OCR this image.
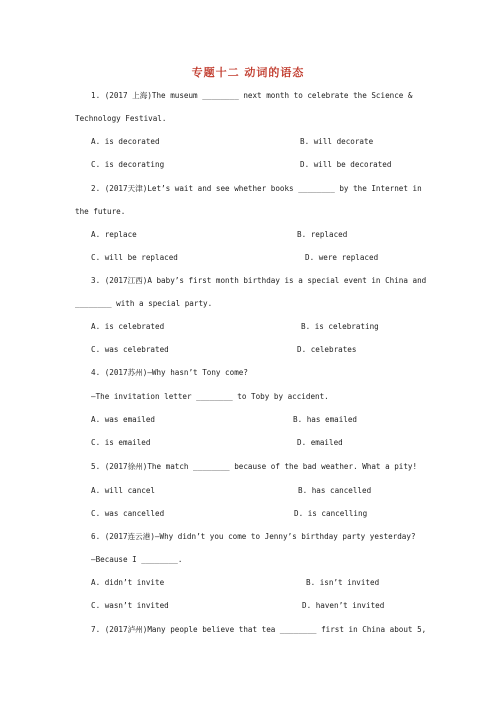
专题十二 动词的语态
1. (2017 上海)The museum ________ next month to celebrate the Science &
Technology Festival.
A. is decorated	B. will decorate
C. is decorating	D. will be decorated
2. (2017天津)Let’s wait and see whether books ________ by the Internet in
the future.
A. replace	B. replaced
C. will be replaced	D. were replaced
3. (2017江西)A baby’s first month birthday is a special event in China and
________ with a special party.
A. is celebrated	B. is celebrating
C. was celebrated	D. celebrates
4. (2017苏州)—Why hasn’t Tony come?
—The invitation letter ________ to Toby by accident.
A. was emailed	B. has emailed
C. is emailed	D. emailed
5. (2017徐州)The match ________ because of the bad weather. What a pity!
A. will cancel	B. has cancelled
C. was cancelled	D. is cancelling
6. (2017连云港)—Why didn’t you come to Jenny’s birthday party yesterday?
—Because I ________.
A. didn’t invite	B. isn’t invited
C. wasn’t invited	D. haven’t invited
7. (2017泸州)Many people believe that tea ________ first in China about 5,
